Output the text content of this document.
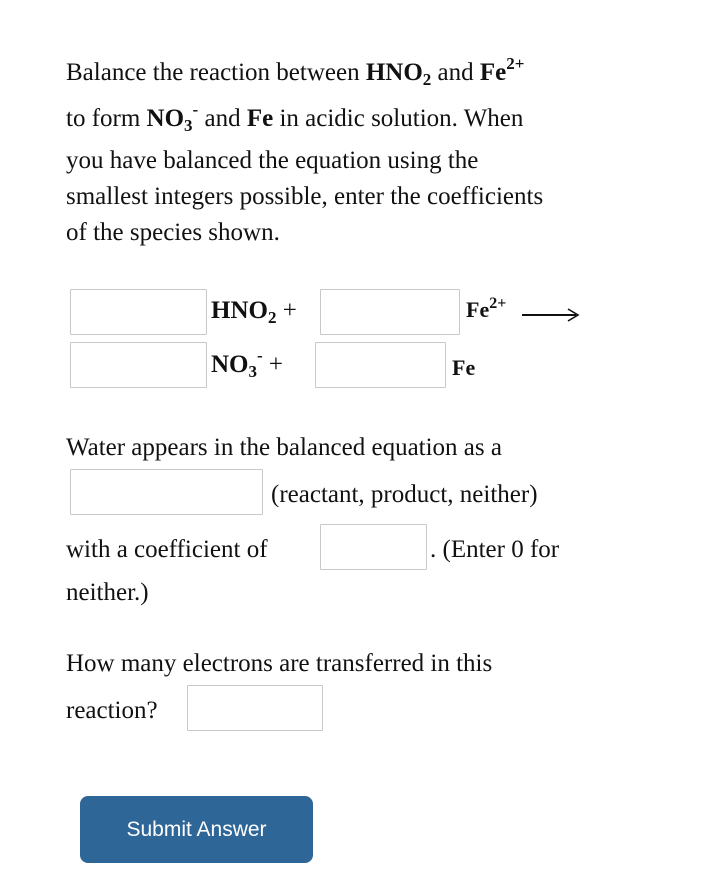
Balance the reaction between $HNO_2$ and $Fe^{2+}$
to form $NO_3^-$ and Fe in acidic solution. When
you have balanced the equation using the
smallest integers possible, enter the coefficients
of the species shown.
$HNO_2$ +	$Fe^{2+}$
$NO_3^-$ +	Fe
Water appears in the balanced equation as a
(reactant, product, neither)
with a coefficient of	. (Enter 0 for
neither.)
How many electrons are transferred in this
reaction?
Submit Answer
